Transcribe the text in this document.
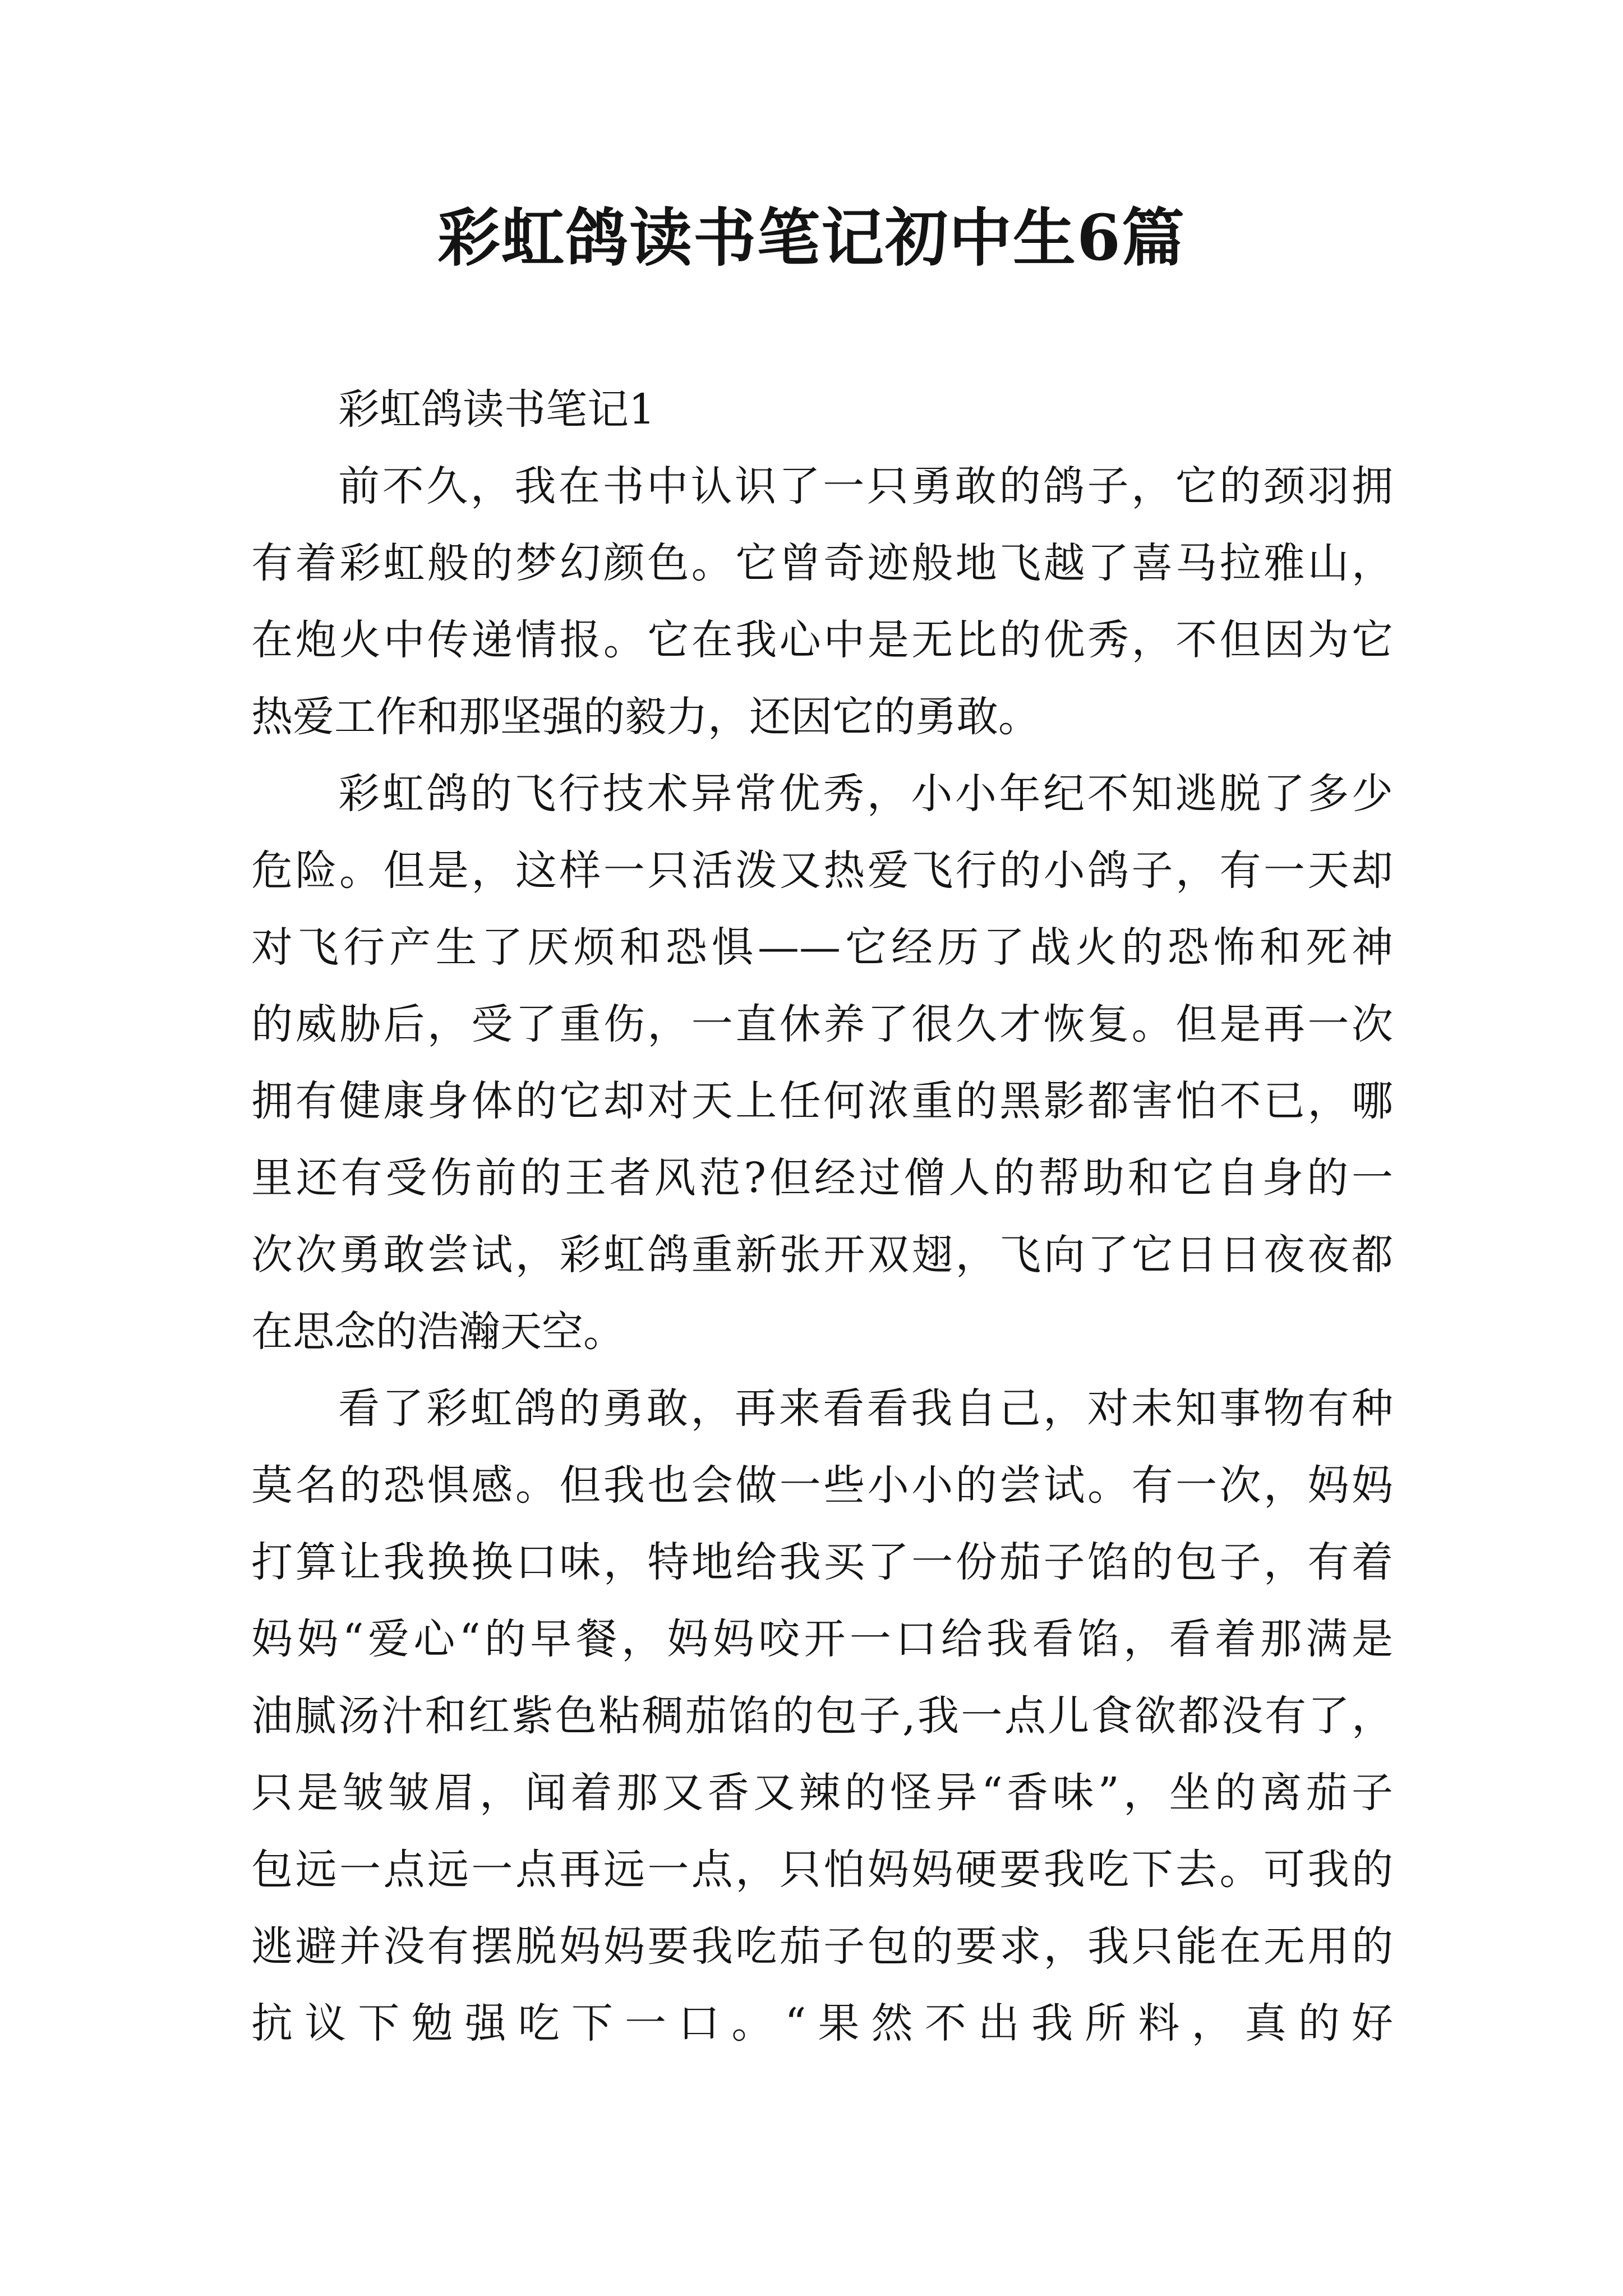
彩虹鸽读书笔记初中生6篇
彩虹鸽读书笔记1
前不久，我在书中认识了一只勇敢的鸽子，它的颈羽拥
有着彩虹般的梦幻颜色。它曾奇迹般地飞越了喜马拉雅山，
在炮火中传递情报。它在我心中是无比的优秀，不但因为它
热爱工作和那坚强的毅力，还因它的勇敢。
彩虹鸽的飞行技术异常优秀，小小年纪不知逃脱了多少
危险。但是，这样一只活泼又热爱飞行的小鸽子，有一天却
对飞行产生了厌烦和恐惧——它经历了战火的恐怖和死神
的威胁后，受了重伤，一直休养了很久才恢复。但是再一次
拥有健康身体的它却对天上任何浓重的黑影都害怕不已，哪
里还有受伤前的王者风范?但经过僧人的帮助和它自身的一
次次勇敢尝试，彩虹鸽重新张开双翅，飞向了它日日夜夜都
在思念的浩瀚天空。
看了彩虹鸽的勇敢，再来看看我自己，对未知事物有种
莫名的恐惧感。但我也会做一些小小的尝试。有一次，妈妈
打算让我换换口味，特地给我买了一份茄子馅的包子，有着
妈妈“爱心“的早餐，妈妈咬开一口给我看馅，看着那满是
油腻汤汁和红紫色粘稠茄馅的包子,我一点儿食欲都没有了，
只是皱皱眉，闻着那又香又辣的怪异“香味”，坐的离茄子
包远一点远一点再远一点，只怕妈妈硬要我吃下去。可我的
逃避并没有摆脱妈妈要我吃茄子包的要求，我只能在无用的
抗议下勉强吃下一口。“果然不出我所料，真的好
